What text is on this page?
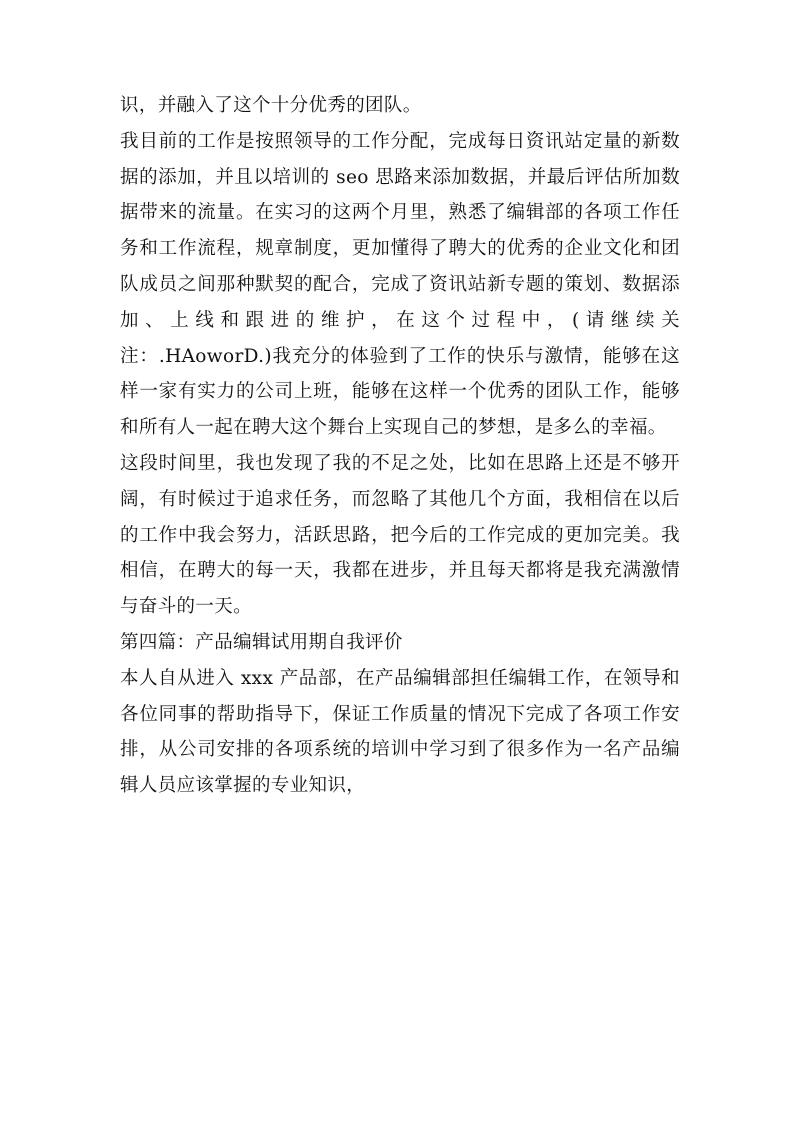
识，并融入了这个十分优秀的团队。

我目前的工作是按照领导的工作分配，完成每日资讯站定量的新数据的添加，并且以培训的 seo 思路来添加数据，并最后评估所加数据带来的流量。在实习的这两个月里，熟悉了编辑部的各项工作任务和工作流程，规章制度，更加懂得了聘大的优秀的企业文化和团队成员之间那种默契的配合，完成了资讯站新专题的策划、数据添加、上线和跟进的维护，在这个过程中，(请继续关注：.HAoworD.)我充分的体验到了工作的快乐与激情，能够在这样一家有实力的公司上班，能够在这样一个优秀的团队工作，能够和所有人一起在聘大这个舞台上实现自己的梦想，是多么的幸福。

这段时间里，我也发现了我的不足之处，比如在思路上还是不够开阔，有时候过于追求任务，而忽略了其他几个方面，我相信在以后的工作中我会努力，活跃思路，把今后的工作完成的更加完美。我相信，在聘大的每一天，我都在进步，并且每天都将是我充满激情与奋斗的一天。

第四篇：产品编辑试用期自我评价

本人自从进入 xxx 产品部，在产品编辑部担任编辑工作，在领导和各位同事的帮助指导下，保证工作质量的情况下完成了各项工作安排，从公司安排的各项系统的培训中学习到了很多作为一名产品编辑人员应该掌握的专业知识，
